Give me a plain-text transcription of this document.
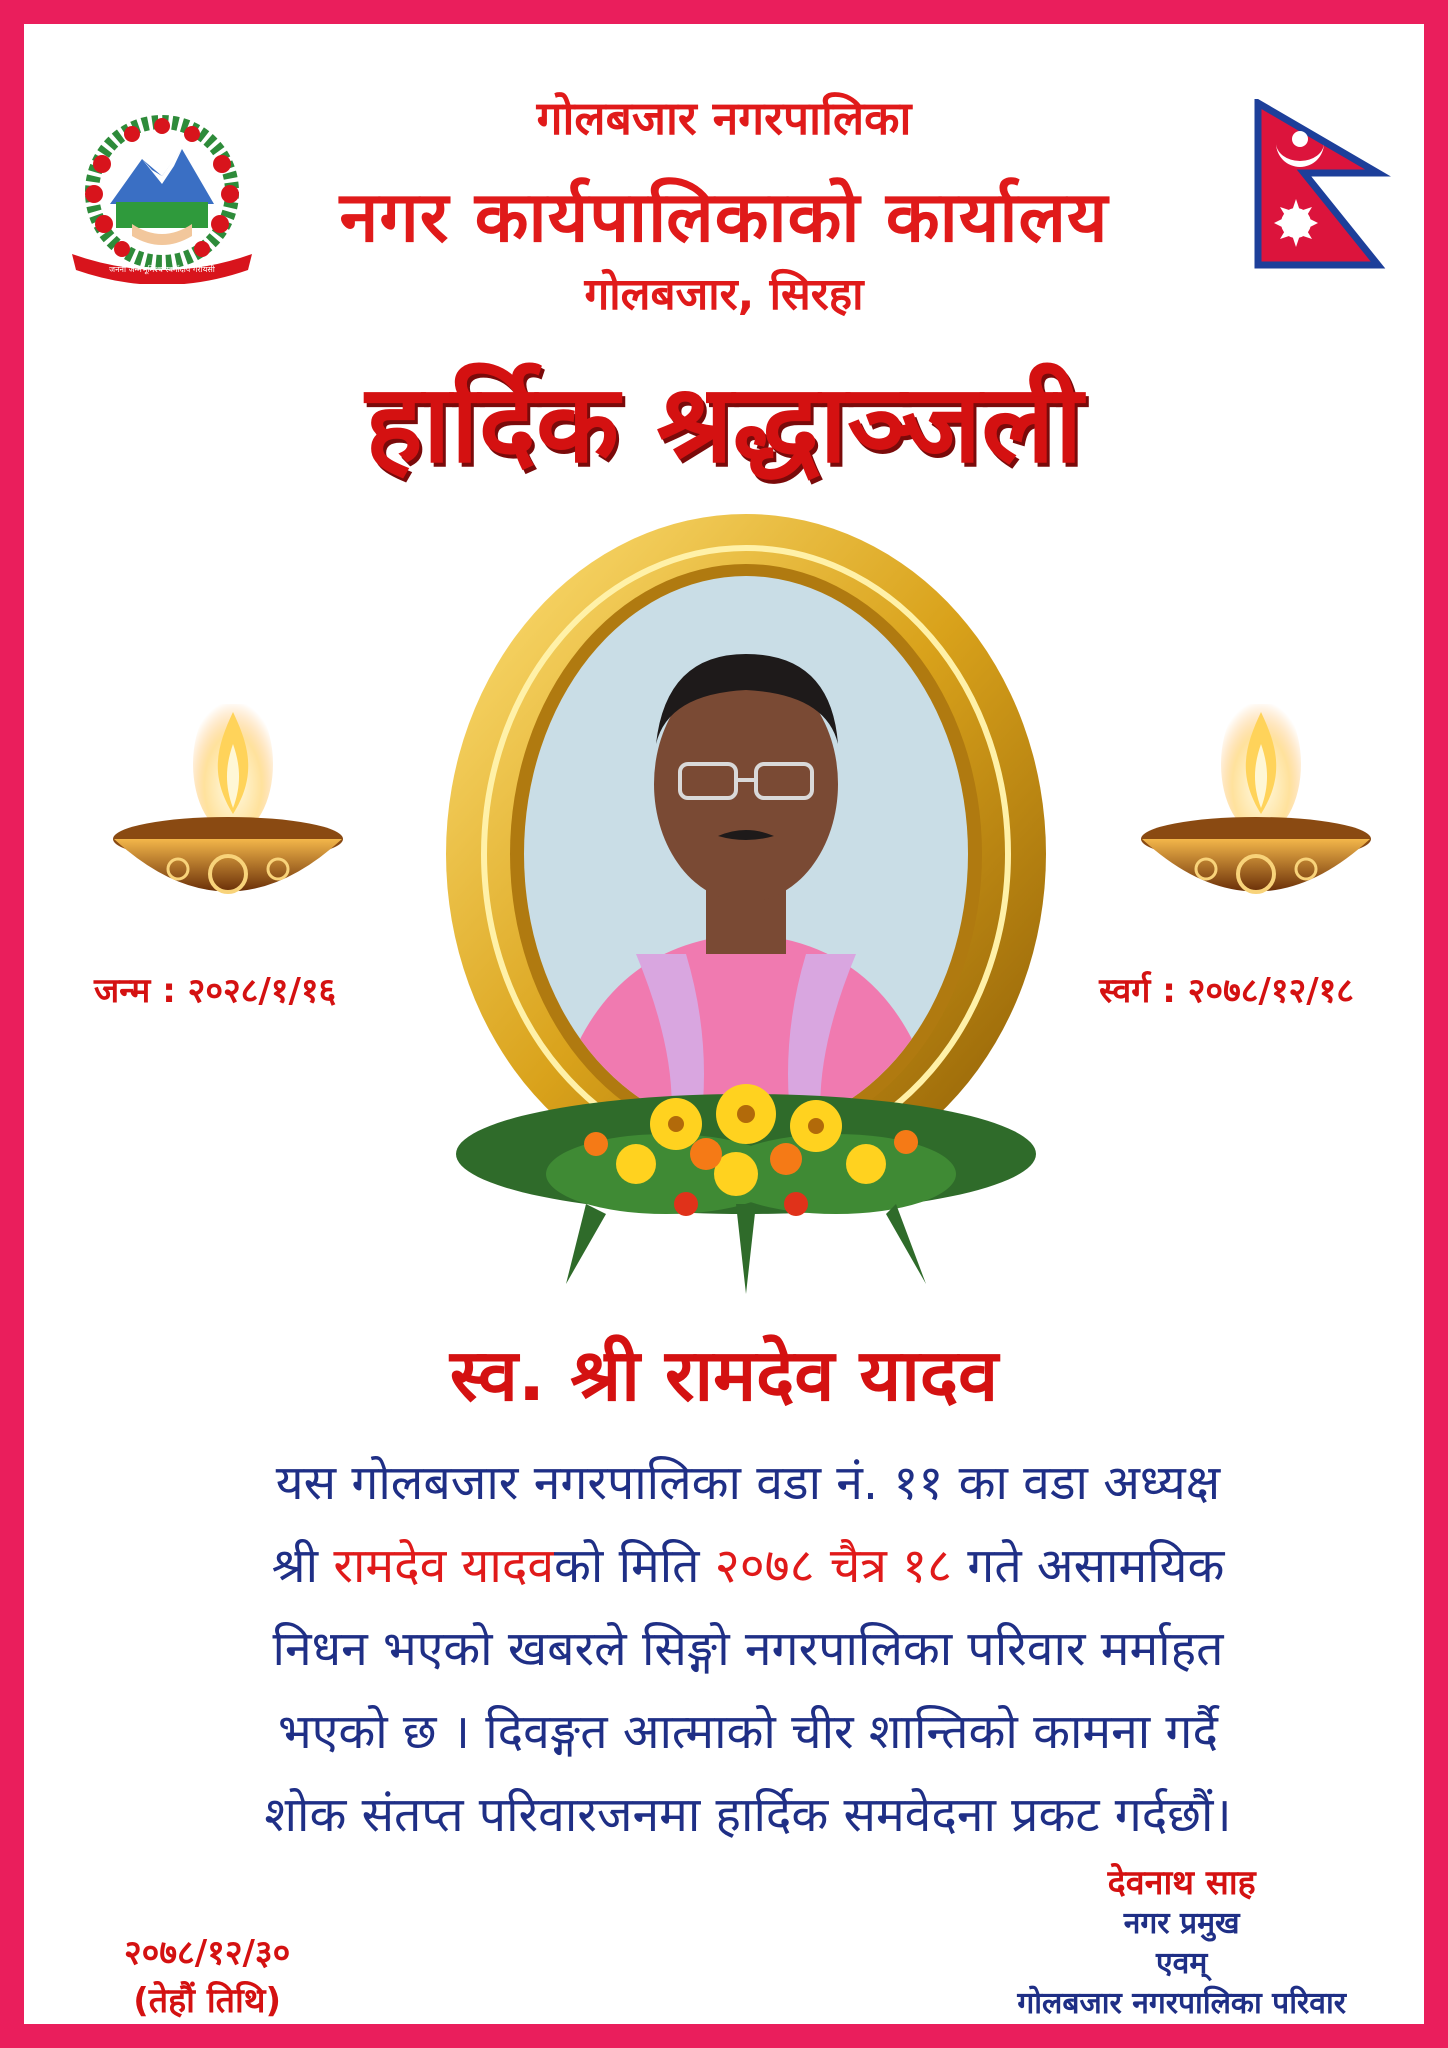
जननी जन्मभूमिश्च स्वर्गादपि गरीयसी

गोलबजार नगरपालिका

नगर कार्यपालिकाको कार्यालय

गोलबजार, सिरहा

हार्दिक श्रद्धाञ्जली
जन्म : २०२८/१/१६	स्वर्ग : २०७८/१२/१८
स्व. श्री रामदेव यादव
यस गोलबजार नगरपालिका वडा नं. ११ का वडा अध्यक्ष
श्री रामदेव यादवको मिति २०७८ चैत्र १८ गते असामयिक
निधन भएको खबरले सिङ्गो नगरपालिका परिवार मर्माहत
भएको छ । दिवङ्गत आत्माको चीर शान्तिको कामना गर्दै
शोक संतप्त परिवारजनमा हार्दिक समवेदना प्रकट गर्दछौं।
देवनाथ साह
नगर प्रमुख
एवम्
गोलबजार नगरपालिका परिवार
२०७८/१२/३०
(तेहौं तिथि)
